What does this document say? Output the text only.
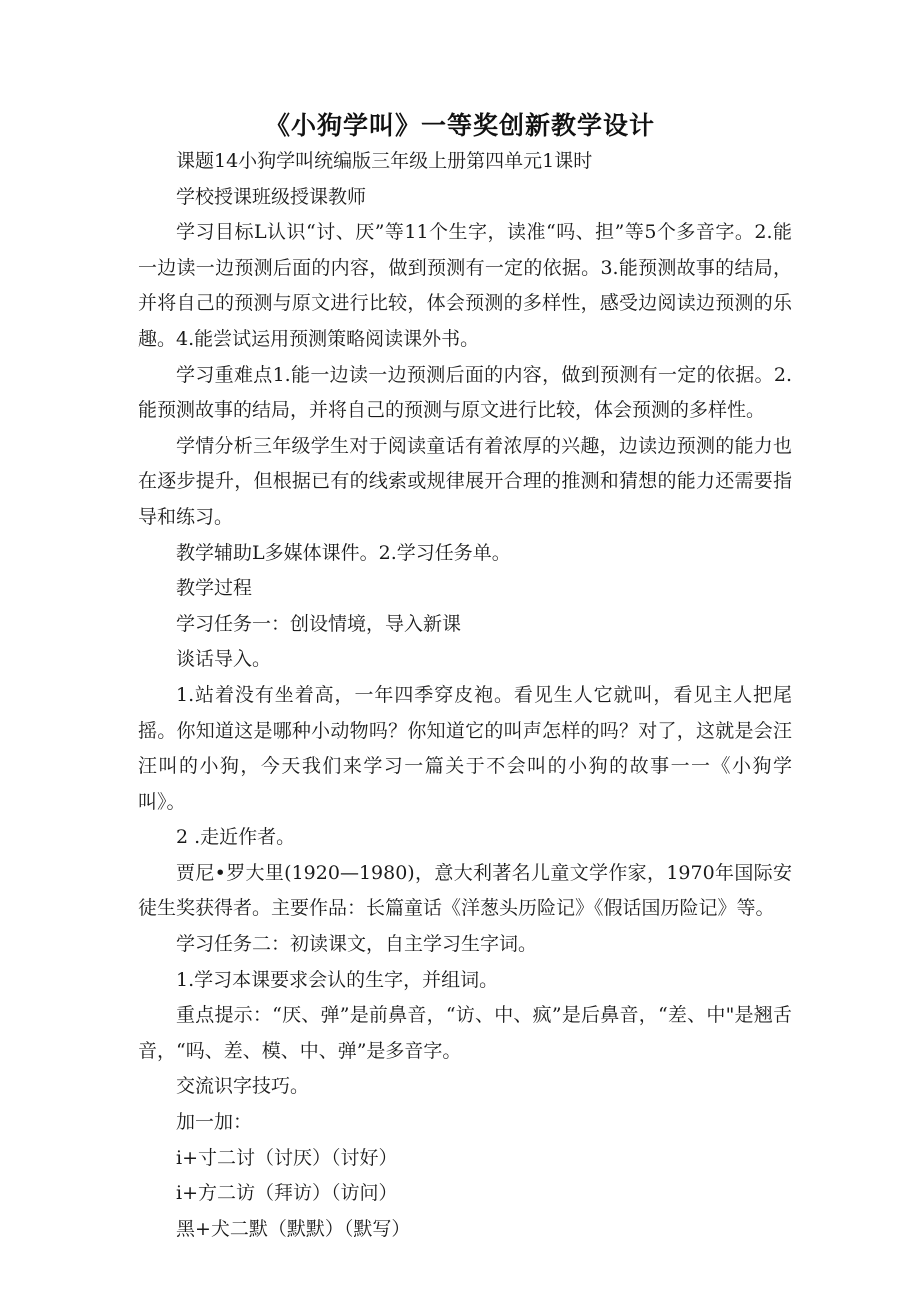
《小狗学叫》一等奖创新教学设计

课题14小狗学叫统编版三年级上册第四单元1课时

学校授课班级授课教师

学习目标L认识“讨、厌”等11个生字，读准“吗、担”等5个多音字。2.能一边读一边预测后面的内容，做到预测有一定的依据。3.能预测故事的结局，并将自己的预测与原文进行比较，体会预测的多样性，感受边阅读边预测的乐趣。4.能尝试运用预测策略阅读课外书。

学习重难点1.能一边读一边预测后面的内容，做到预测有一定的依据。2.能预测故事的结局，并将自己的预测与原文进行比较，体会预测的多样性。

学情分析三年级学生对于阅读童话有着浓厚的兴趣，边读边预测的能力也在逐步提升，但根据已有的线索或规律展开合理的推测和猜想的能力还需要指导和练习。

教学辅助L多媒体课件。2.学习任务单。

教学过程

学习任务一：创设情境，导入新课

谈话导入。

1.站着没有坐着高，一年四季穿皮袍。看见生人它就叫，看见主人把尾摇。你知道这是哪种小动物吗？你知道它的叫声怎样的吗？对了，这就是会汪汪叫的小狗，今天我们来学习一篇关于不会叫的小狗的故事一一《小狗学叫》。

2 .走近作者。

贾尼•罗大里(1920—1980)，意大利著名儿童文学作家，1970年国际安徒生奖获得者。主要作品：长篇童话《洋葱头历险记》《假话国历险记》等。

学习任务二：初读课文，自主学习生字词。

1.学习本课要求会认的生字，并组词。

重点提示：“厌、弹”是前鼻音，“访、中、疯”是后鼻音，“差、中"是翘舌音，“吗、差、模、中、弹”是多音字。

交流识字技巧。

加一加：

i+寸二讨（讨厌）（讨好）

i+方二访（拜访）（访问）

黑+犬二默（默默）（默写）
